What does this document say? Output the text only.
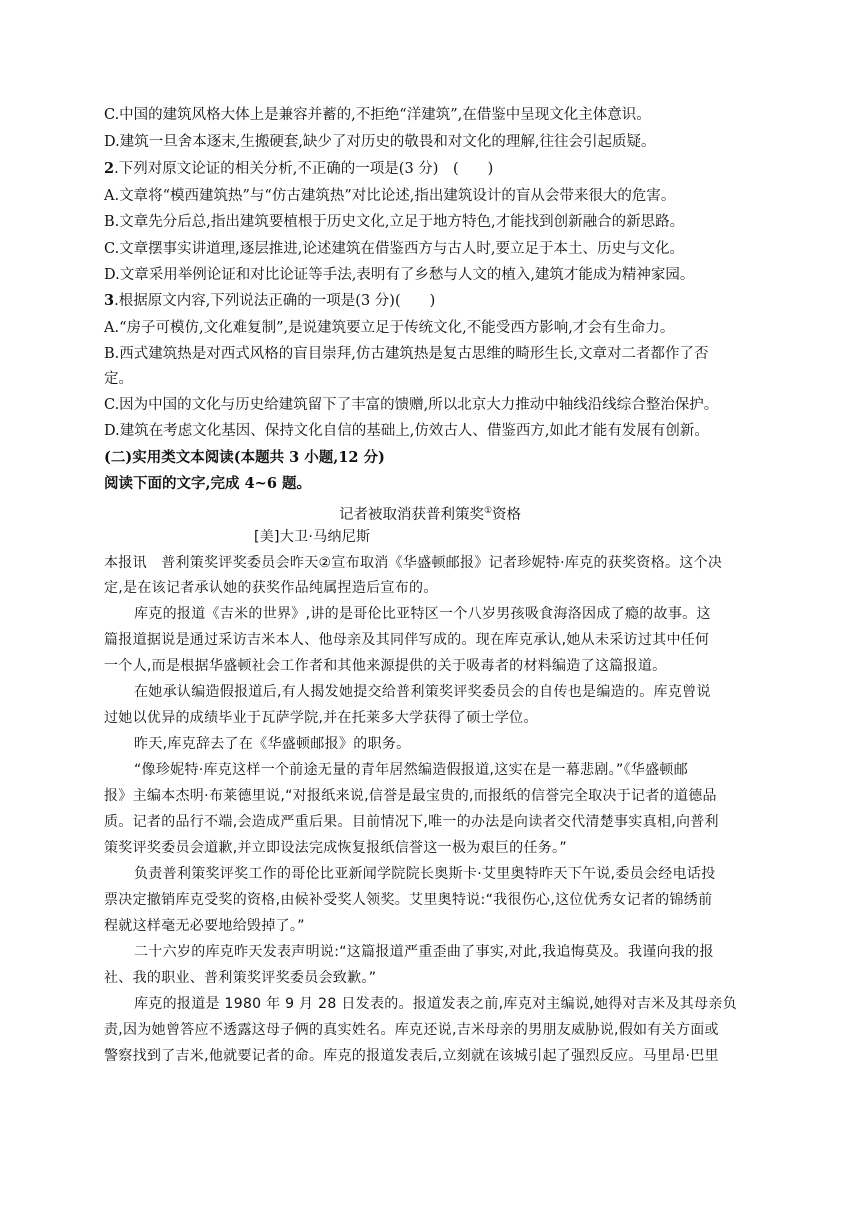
C.中国的建筑风格大体上是兼容并蓄的,不拒绝“洋建筑”,在借鉴中呈现文化主体意识。
D.建筑一旦舍本逐末,生搬硬套,缺少了对历史的敬畏和对文化的理解,往往会引起质疑。
2.下列对原文论证的相关分析,不正确的一项是(3 分)　(　　)
A.文章将“模西建筑热”与“仿古建筑热”对比论述,指出建筑设计的盲从会带来很大的危害。
B.文章先分后总,指出建筑要植根于历史文化,立足于地方特色,才能找到创新融合的新思路。
C.文章摆事实讲道理,逐层推进,论述建筑在借鉴西方与古人时,要立足于本土、历史与文化。
D.文章采用举例论证和对比论证等手法,表明有了乡愁与人文的植入,建筑才能成为精神家园。
3.根据原文内容,下列说法正确的一项是(3 分)(　　)
A.“房子可模仿,文化难复制”,是说建筑要立足于传统文化,不能受西方影响,才会有生命力。
B.西式建筑热是对西式风格的盲目崇拜,仿古建筑热是复古思维的畸形生长,文章对二者都作了否
定。
C.因为中国的文化与历史给建筑留下了丰富的馈赠,所以北京大力推动中轴线沿线综合整治保护。
D.建筑在考虑文化基因、保持文化自信的基础上,仿效古人、借鉴西方,如此才能有发展有创新。
(二)实用类文本阅读(本题共 3 小题,12 分)
阅读下面的文字,完成 4~6 题。
记者被取消获普利策奖①资格
[美]大卫·马纳尼斯
本报讯　普利策奖评奖委员会昨天②宣布取消《华盛顿邮报》记者珍妮特·库克的获奖资格。这个决
定,是在该记者承认她的获奖作品纯属捏造后宣布的。
库克的报道《吉米的世界》,讲的是哥伦比亚特区一个八岁男孩吸食海洛因成了瘾的故事。这
篇报道据说是通过采访吉米本人、他母亲及其同伴写成的。现在库克承认,她从未采访过其中任何
一个人,而是根据华盛顿社会工作者和其他来源提供的关于吸毒者的材料编造了这篇报道。
在她承认编造假报道后,有人揭发她提交给普利策奖评奖委员会的自传也是编造的。库克曾说
过她以优异的成绩毕业于瓦萨学院,并在托莱多大学获得了硕士学位。
昨天,库克辞去了在《华盛顿邮报》的职务。
“像珍妮特·库克这样一个前途无量的青年居然编造假报道,这实在是一幕悲剧。”《华盛顿邮
报》主编本杰明·布莱德里说,“对报纸来说,信誉是最宝贵的,而报纸的信誉完全取决于记者的道德品
质。记者的品行不端,会造成严重后果。目前情况下,唯一的办法是向读者交代清楚事实真相,向普利
策奖评奖委员会道歉,并立即设法完成恢复报纸信誉这一极为艰巨的任务。”
负责普利策奖评奖工作的哥伦比亚新闻学院院长奥斯卡·艾里奥特昨天下午说,委员会经电话投
票决定撤销库克受奖的资格,由候补受奖人领奖。艾里奥特说:“我很伤心,这位优秀女记者的锦绣前
程就这样毫无必要地给毁掉了。”
二十六岁的库克昨天发表声明说:“这篇报道严重歪曲了事实,对此,我追悔莫及。我谨向我的报
社、我的职业、普利策奖评奖委员会致歉。”
库克的报道是 1980 年 9 月 28 日发表的。报道发表之前,库克对主编说,她得对吉米及其母亲负
责,因为她曾答应不透露这母子俩的真实姓名。库克还说,吉米母亲的男朋友威胁说,假如有关方面或
警察找到了吉米,他就要记者的命。库克的报道发表后,立刻就在该城引起了强烈反应。马里昂·巴里
